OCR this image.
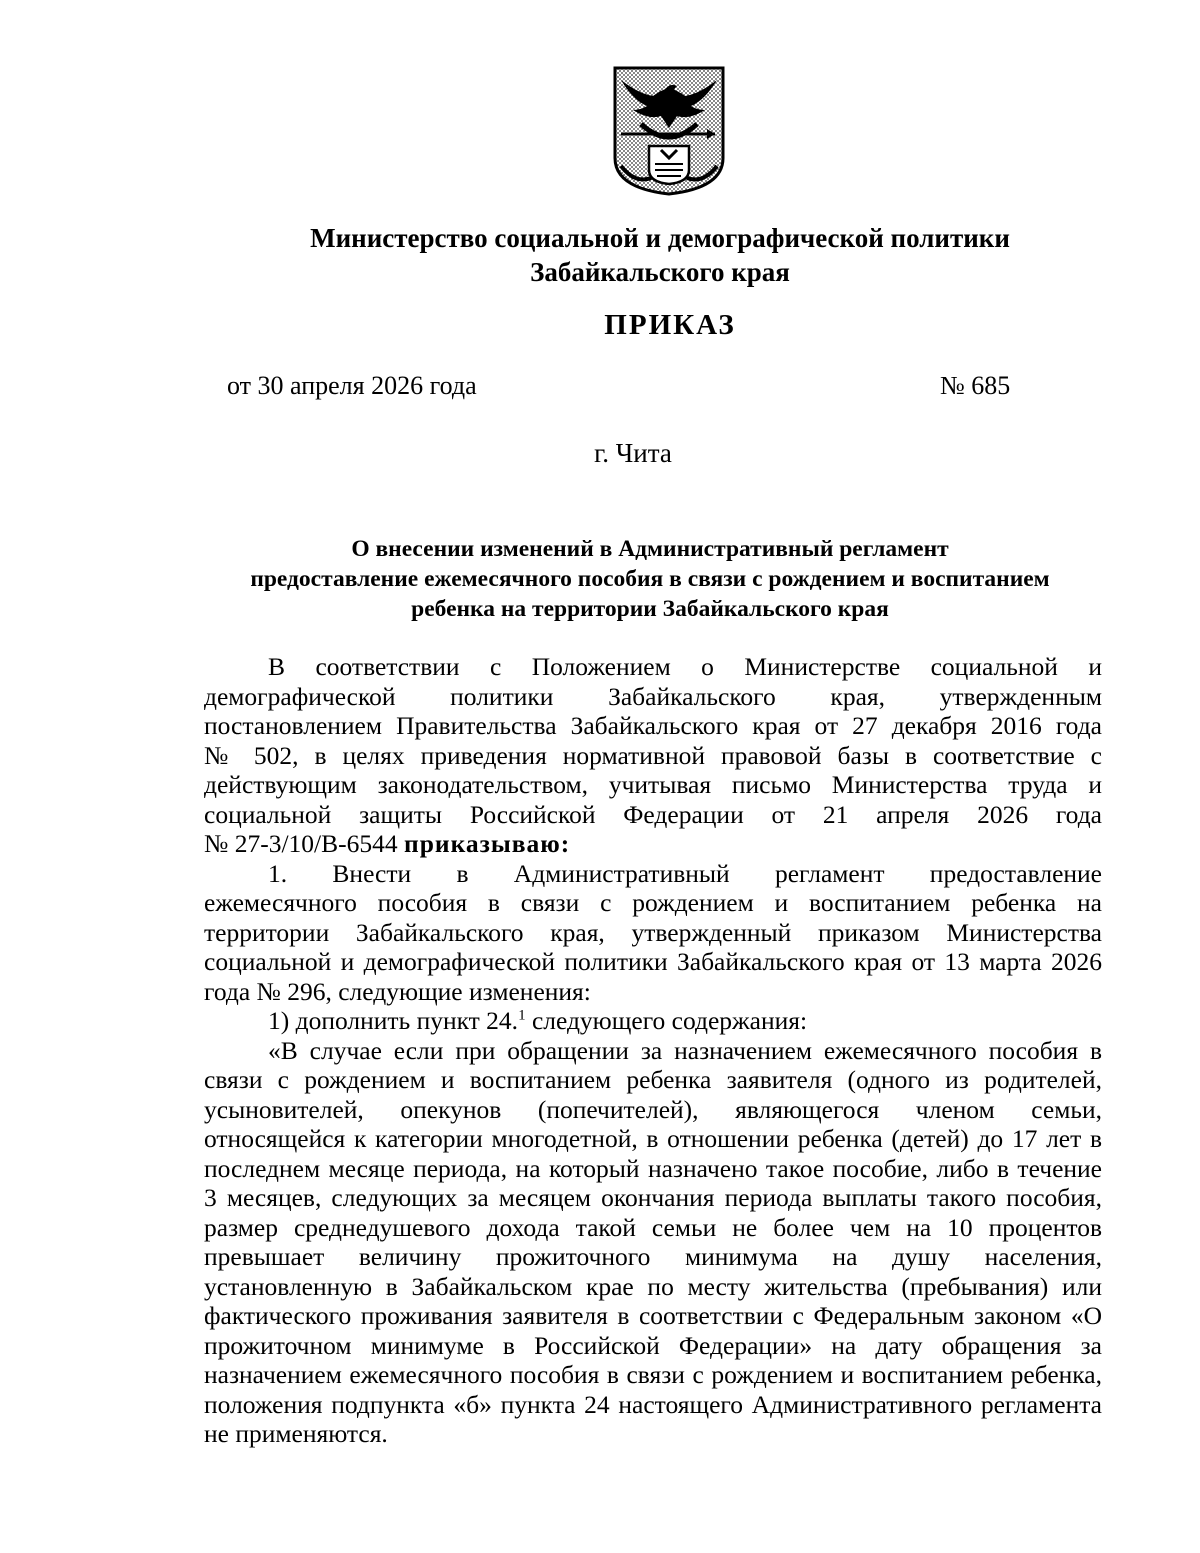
Министерство социальной и демографической политики
Забайкальского края
ПРИКАЗ
от 30 апреля 2026 года	№ 685
г. Чита
О внесении изменений в Административный регламент
предоставление ежемесячного пособия в связи с рождением и воспитанием
ребенка на территории Забайкальского края
В соответствии с Положением о Министерстве социальной и
демографической политики Забайкальского края, утвержденным
постановлением Правительства Забайкальского края от 27 декабря 2016 года
№ 502, в целях приведения нормативной правовой базы в соответствие с
действующим законодательством, учитывая письмо Министерства труда и
социальной защиты Российской Федерации от 21 апреля 2026 года
№ 27-3/10/В-6544 приказываю:
1. Внести в Административный регламент предоставление
ежемесячного пособия в связи с рождением и воспитанием ребенка на
территории Забайкальского края, утвержденный приказом Министерства
социальной и демографической политики Забайкальского края от 13 марта 2026
года № 296, следующие изменения:
1) дополнить пункт 24.$^1$ следующего содержания:
«В случае если при обращении за назначением ежемесячного пособия в
связи с рождением и воспитанием ребенка заявителя (одного из родителей,
усыновителей, опекунов (попечителей), являющегося членом семьи,
относящейся к категории многодетной, в отношении ребенка (детей) до 17 лет в
последнем месяце периода, на который назначено такое пособие, либо в течение
3 месяцев, следующих за месяцем окончания периода выплаты такого пособия,
размер среднедушевого дохода такой семьи не более чем на 10 процентов
превышает величину прожиточного минимума на душу населения,
установленную в Забайкальском крае по месту жительства (пребывания) или
фактического проживания заявителя в соответствии с Федеральным законом «О
прожиточном минимуме в Российской Федерации» на дату обращения за
назначением ежемесячного пособия в связи с рождением и воспитанием ребенка,
положения подпункта «б» пункта 24 настоящего Административного регламента
не применяются.
